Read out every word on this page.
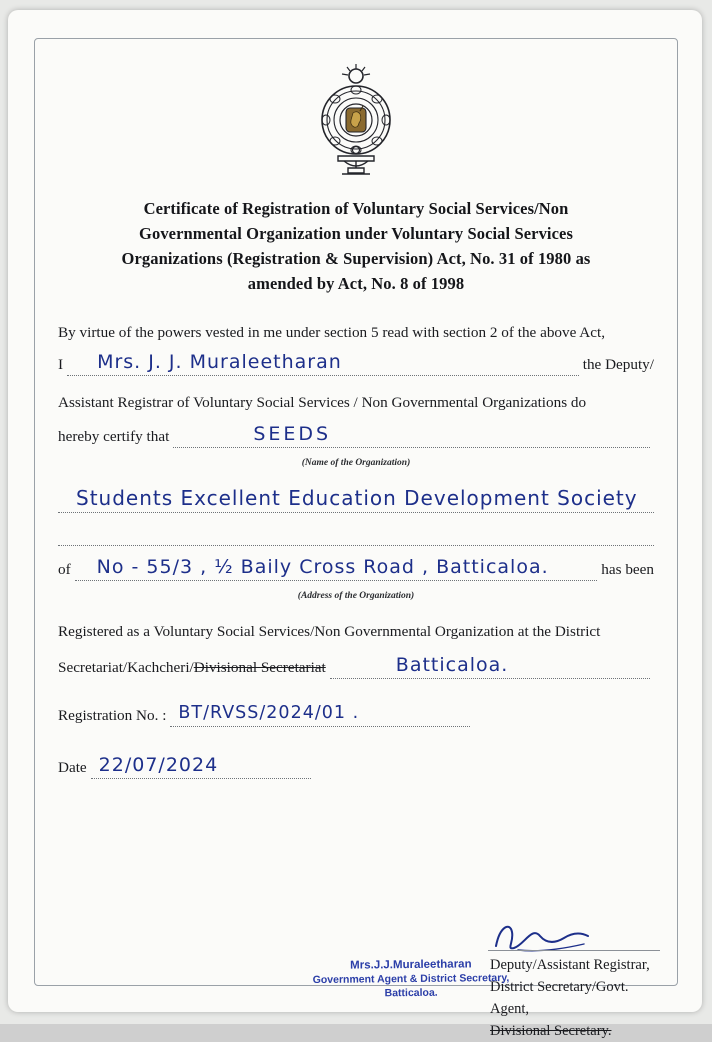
Certificate of Registration of Voluntary Social Services/Non
Governmental Organization under Voluntary Social Services
Organizations (Registration & Supervision) Act, No. 31 of 1980 as
amended by Act, No. 8 of 1998
By virtue of the powers vested in me under section 5 read with section 2 of the above Act,
I Mrs. J. J. Muraleetharan	the Deputy/
Assistant Registrar of Voluntary Social Services / Non Governmental Organizations do
hereby certify that	SEEDS
(Name of the Organization)
Students Excellent Education Development Society
of No - 55/3 , ½ Baily Cross Road , Batticaloa.	has been
(Address of the Organization)
Registered as a Voluntary Social Services/Non Governmental Organization at the District
Secretariat/Kachcheri/ Divisional Secretariat	Batticaloa.
Registration No. : BT/RVSS/2024/01 .
Date 22/07/2024
Deputy/Assistant Registrar,
District Secretary/Govt. Agent,
Divisional Secretary.
Mrs.J.J.Muraleetharan
Government Agent & District Secretary,
Batticaloa.
